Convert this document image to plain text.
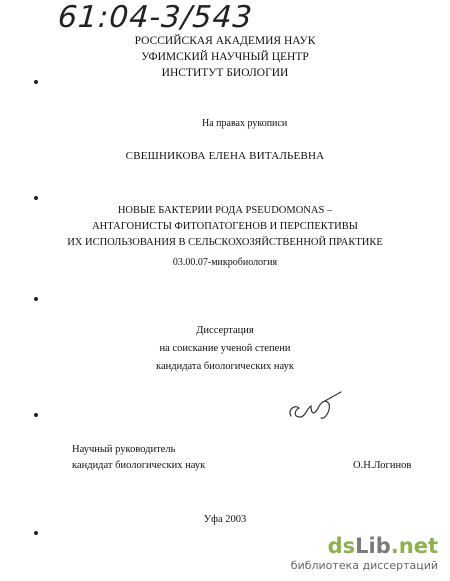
61:04-3/543
РОССИЙСКАЯ АКАДЕМИЯ НАУК
УФИМСКИЙ НАУЧНЫЙ ЦЕНТР
ИНСТИТУТ БИОЛОГИИ
На правах рукописи
СВЕШНИКОВА ЕЛЕНА ВИТАЛЬЕВНА
НОВЫЕ БАКТЕРИИ РОДА PSEUDOMONAS –
АНТАГОНИСТЫ ФИТОПАТОГЕНОВ И ПЕРСПЕКТИВЫ
ИХ ИСПОЛЬЗОВАНИЯ В СЕЛЬСКОХОЗЯЙСТВЕННОЙ ПРАКТИКЕ
03.00.07-микробиология
Диссертация
на соискание ученой степени
кандидата биологических наук
Научный руководитель
кандидат биологических наук	О.Н.Логинов
Уфа 2003
dsLib.net
библиотека диссертаций
